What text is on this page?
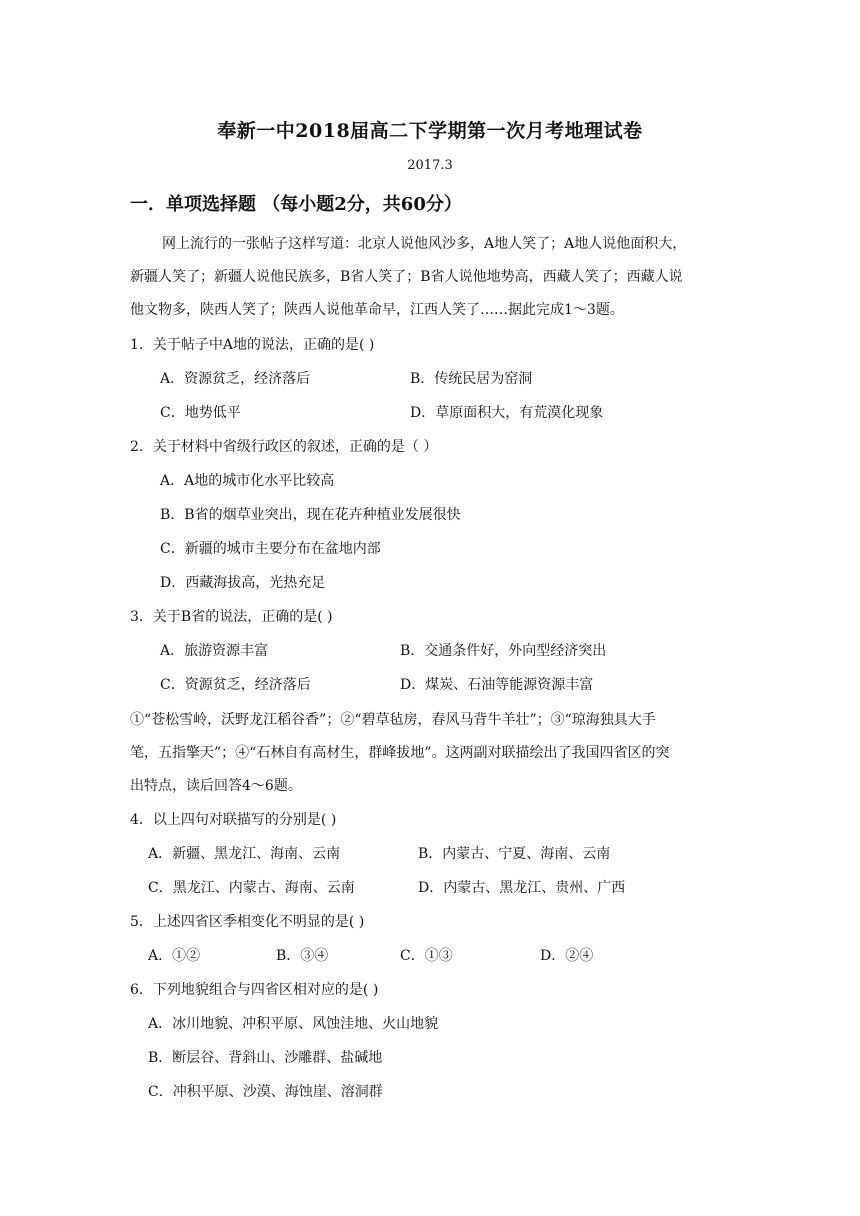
奉新一中2018届高二下学期第一次月考地理试卷
2017.3
一．单项选择题 （每小题2分，共60分）
网上流行的一张帖子这样写道：北京人说他风沙多，A地人笑了；A地人说他面积大，
新疆人笑了；新疆人说他民族多，B省人笑了；B省人说他地势高，西藏人笑了；西藏人说
他文物多，陕西人笑了；陕西人说他革命早，江西人笑了……据此完成1～3题。
1．关于帖子中A地的说法，正确的是( )
A．资源贫乏，经济落后	B．传统民居为窑洞
C．地势低平	D．草原面积大，有荒漠化现象
2．关于材料中省级行政区的叙述，正确的是（ ）
A．A地的城市化水平比较高
B．B省的烟草业突出，现在花卉种植业发展很快
C．新疆的城市主要分布在盆地内部
D．西藏海拔高，光热充足
3．关于B省的说法，正确的是( )
A．旅游资源丰富	B．交通条件好，外向型经济突出
C．资源贫乏，经济落后	D．煤炭、石油等能源资源丰富
①“苍松雪岭，沃野龙江稻谷香”；②“碧草毡房，春风马背牛羊壮”；③“琼海独具大手
笔，五指擎天”；④“石林自有高材生，群峰拔地”。这两副对联描绘出了我国四省区的突
出特点，读后回答4～6题。
4．以上四句对联描写的分别是( )
A．新疆、黑龙江、海南、云南	B．内蒙古、宁夏、海南、云南
C．黑龙江、内蒙古、海南、云南	D．内蒙古、黑龙江、贵州、广西
5．上述四省区季相变化不明显的是( )
A．①②	B．③④	C．①③	D．②④
6．下列地貌组合与四省区相对应的是( )
A．冰川地貌、冲积平原、风蚀洼地、火山地貌
B．断层谷、背斜山、沙雕群、盐碱地
C．冲积平原、沙漠、海蚀崖、溶洞群
